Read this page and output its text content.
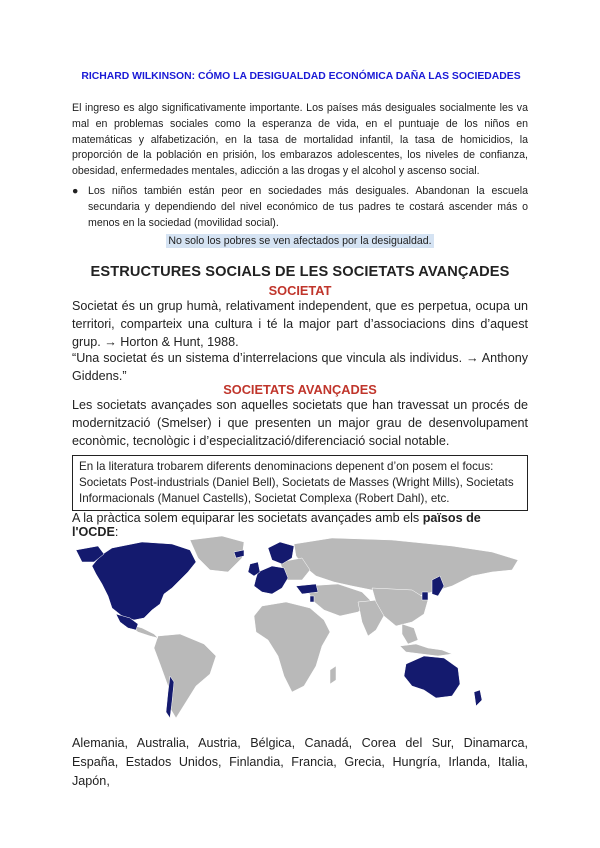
RICHARD WILKINSON: CÓMO LA DESIGUALDAD ECONÓMICA DAÑA LAS SOCIEDADES
El ingreso es algo significativamente importante. Los países más desiguales socialmente les va mal en problemas sociales como la esperanza de vida, en el puntuaje de los niños en matemáticas y alfabetización, en la tasa de mortalidad infantil, la tasa de homicidios, la proporción de la población en prisión, los embarazos adolescentes, los niveles de confianza, obesidad, enfermedades mentales, adicción a las drogas y el alcohol y ascenso social.
● Los niños también están peor en sociedades más desiguales. Abandonan la escuela secundaria y dependiendo del nivel económico de tus padres te costará ascender más o menos en la sociedad (movilidad social).
No solo los pobres se ven afectados por la desigualdad.
ESTRUCTURES SOCIALS DE LES SOCIETATS AVANÇADES
SOCIETAT
Societat és un grup humà, relativament independent, que es perpetua, ocupa un territori, comparteix una cultura i té la major part d’associacions dins d’aquest grup. → Horton & Hunt, 1988.
“Una societat és un sistema d’interrelacions que vincula als individus. → Anthony Giddens.”
SOCIETATS AVANÇADES
Les societats avançades son aquelles societats que han travessat un procés de modernització (Smelser) i que presenten un major grau de desenvolupament econòmic, tecnològic i d’especialització/diferenciació social notable.
En la literatura trobarem diferents denominacions depenent d’on posem el focus: Societats Post-industrials (Daniel Bell), Societats de Masses (Wright Mills), Societats Informacionals (Manuel Castells), Societat Complexa (Robert Dahl), etc.
A la pràctica solem equiparar les societats avançades amb els països de l'OCDE:
Alemania, Australia, Austria, Bélgica, Canadá, Corea del Sur, Dinamarca, España, Estados Unidos, Finlandia, Francia, Grecia, Hungría, Irlanda, Italia, Japón,
